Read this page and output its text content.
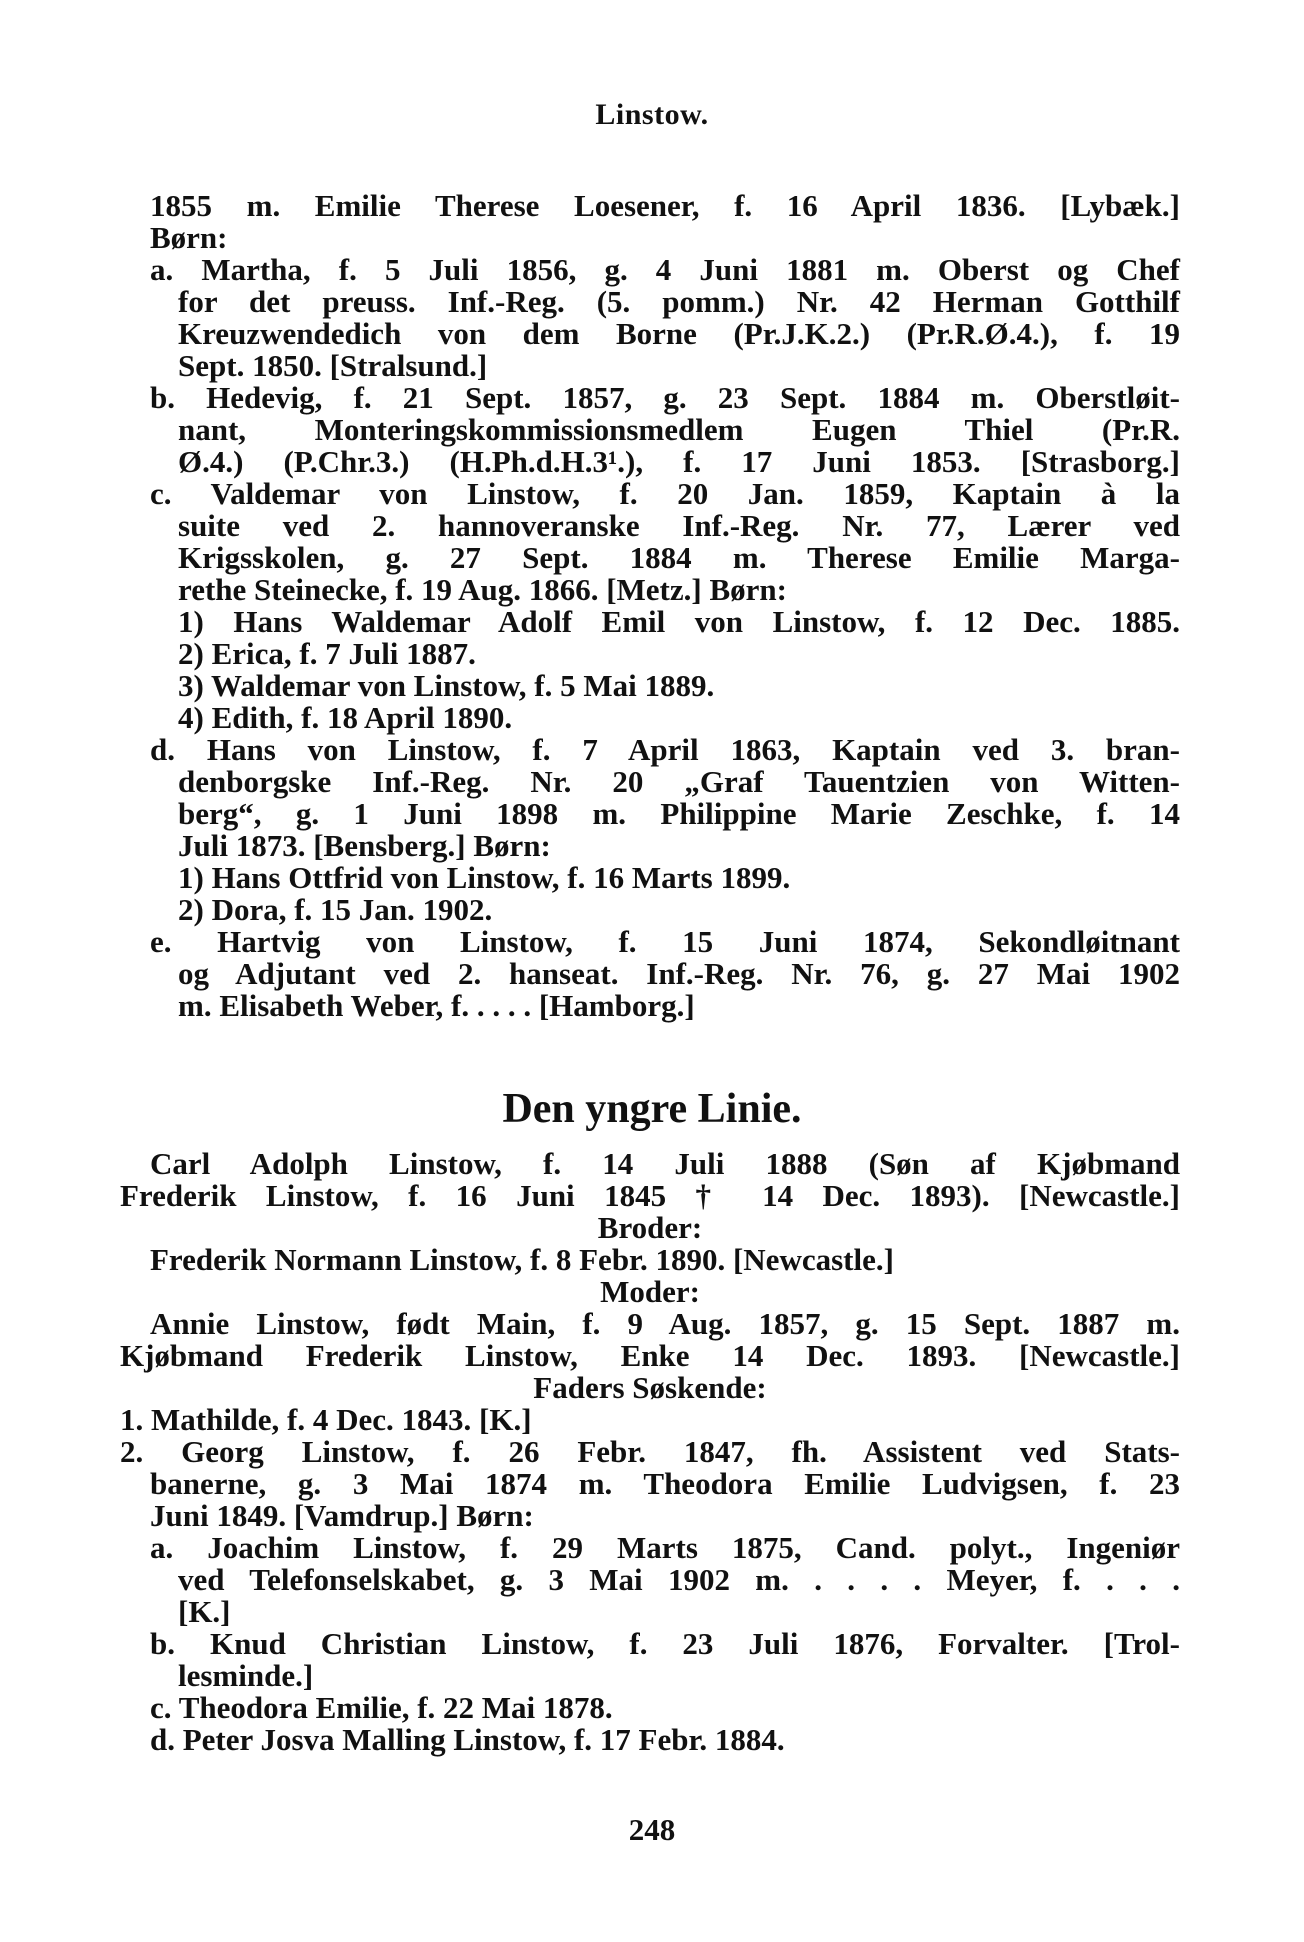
Linstow.
1855 m. Emilie Therese Loesener, f. 16 April 1836. [Lybæk.]
Børn:
a. Martha, f. 5 Juli 1856, g. 4 Juni 1881 m. Oberst og Chef
for det preuss. Inf.-Reg. (5. pomm.) Nr. 42 Herman Gotthilf
Kreuzwendedich von dem Borne (Pr.J.K.2.) (Pr.R.Ø.4.), f. 19
Sept. 1850. [Stralsund.]
b. Hedevig, f. 21 Sept. 1857, g. 23 Sept. 1884 m. Oberstløit-
nant, Monteringskommissionsmedlem Eugen Thiel (Pr.R.
Ø.4.) (P.Chr.3.) (H.Ph.d.H.3¹.), f. 17 Juni 1853. [Strasborg.]
c. Valdemar von Linstow, f. 20 Jan. 1859, Kaptain à la
suite ved 2. hannoveranske Inf.-Reg. Nr. 77, Lærer ved
Krigsskolen, g. 27 Sept. 1884 m. Therese Emilie Marga-
rethe Steinecke, f. 19 Aug. 1866. [Metz.] Børn:
1) Hans Waldemar Adolf Emil von Linstow, f. 12 Dec. 1885.
2) Erica, f. 7 Juli 1887.
3) Waldemar von Linstow, f. 5 Mai 1889.
4) Edith, f. 18 April 1890.
d. Hans von Linstow, f. 7 April 1863, Kaptain ved 3. bran-
denborgske Inf.-Reg. Nr. 20 „Graf Tauentzien von Witten-
berg“, g. 1 Juni 1898 m. Philippine Marie Zeschke, f. 14
Juli 1873. [Bensberg.] Børn:
1) Hans Ottfrid von Linstow, f. 16 Marts 1899.
2) Dora, f. 15 Jan. 1902.
e. Hartvig von Linstow, f. 15 Juni 1874, Sekondløitnant
og Adjutant ved 2. hanseat. Inf.-Reg. Nr. 76, g. 27 Mai 1902
m. Elisabeth Weber, f. . . . . [Hamborg.]
Den yngre Linie.
Carl Adolph Linstow, f. 14 Juli 1888 (Søn af Kjøbmand
Frederik Linstow, f. 16 Juni 1845 † 14 Dec. 1893). [Newcastle.]
Broder:
Frederik Normann Linstow, f. 8 Febr. 1890. [Newcastle.]
Moder:
Annie Linstow, født Main, f. 9 Aug. 1857, g. 15 Sept. 1887 m.
Kjøbmand Frederik Linstow, Enke 14 Dec. 1893. [Newcastle.]
Faders Søskende:
1. Mathilde, f. 4 Dec. 1843. [K.]
2. Georg Linstow, f. 26 Febr. 1847, fh. Assistent ved Stats-
banerne, g. 3 Mai 1874 m. Theodora Emilie Ludvigsen, f. 23
Juni 1849. [Vamdrup.] Børn:
a. Joachim Linstow, f. 29 Marts 1875, Cand. polyt., Ingeniør
ved Telefonselskabet, g. 3 Mai 1902 m. . . . . Meyer, f. . . .
[K.]
b. Knud Christian Linstow, f. 23 Juli 1876, Forvalter. [Trol-
lesminde.]
c. Theodora Emilie, f. 22 Mai 1878.
d. Peter Josva Malling Linstow, f. 17 Febr. 1884.
248
